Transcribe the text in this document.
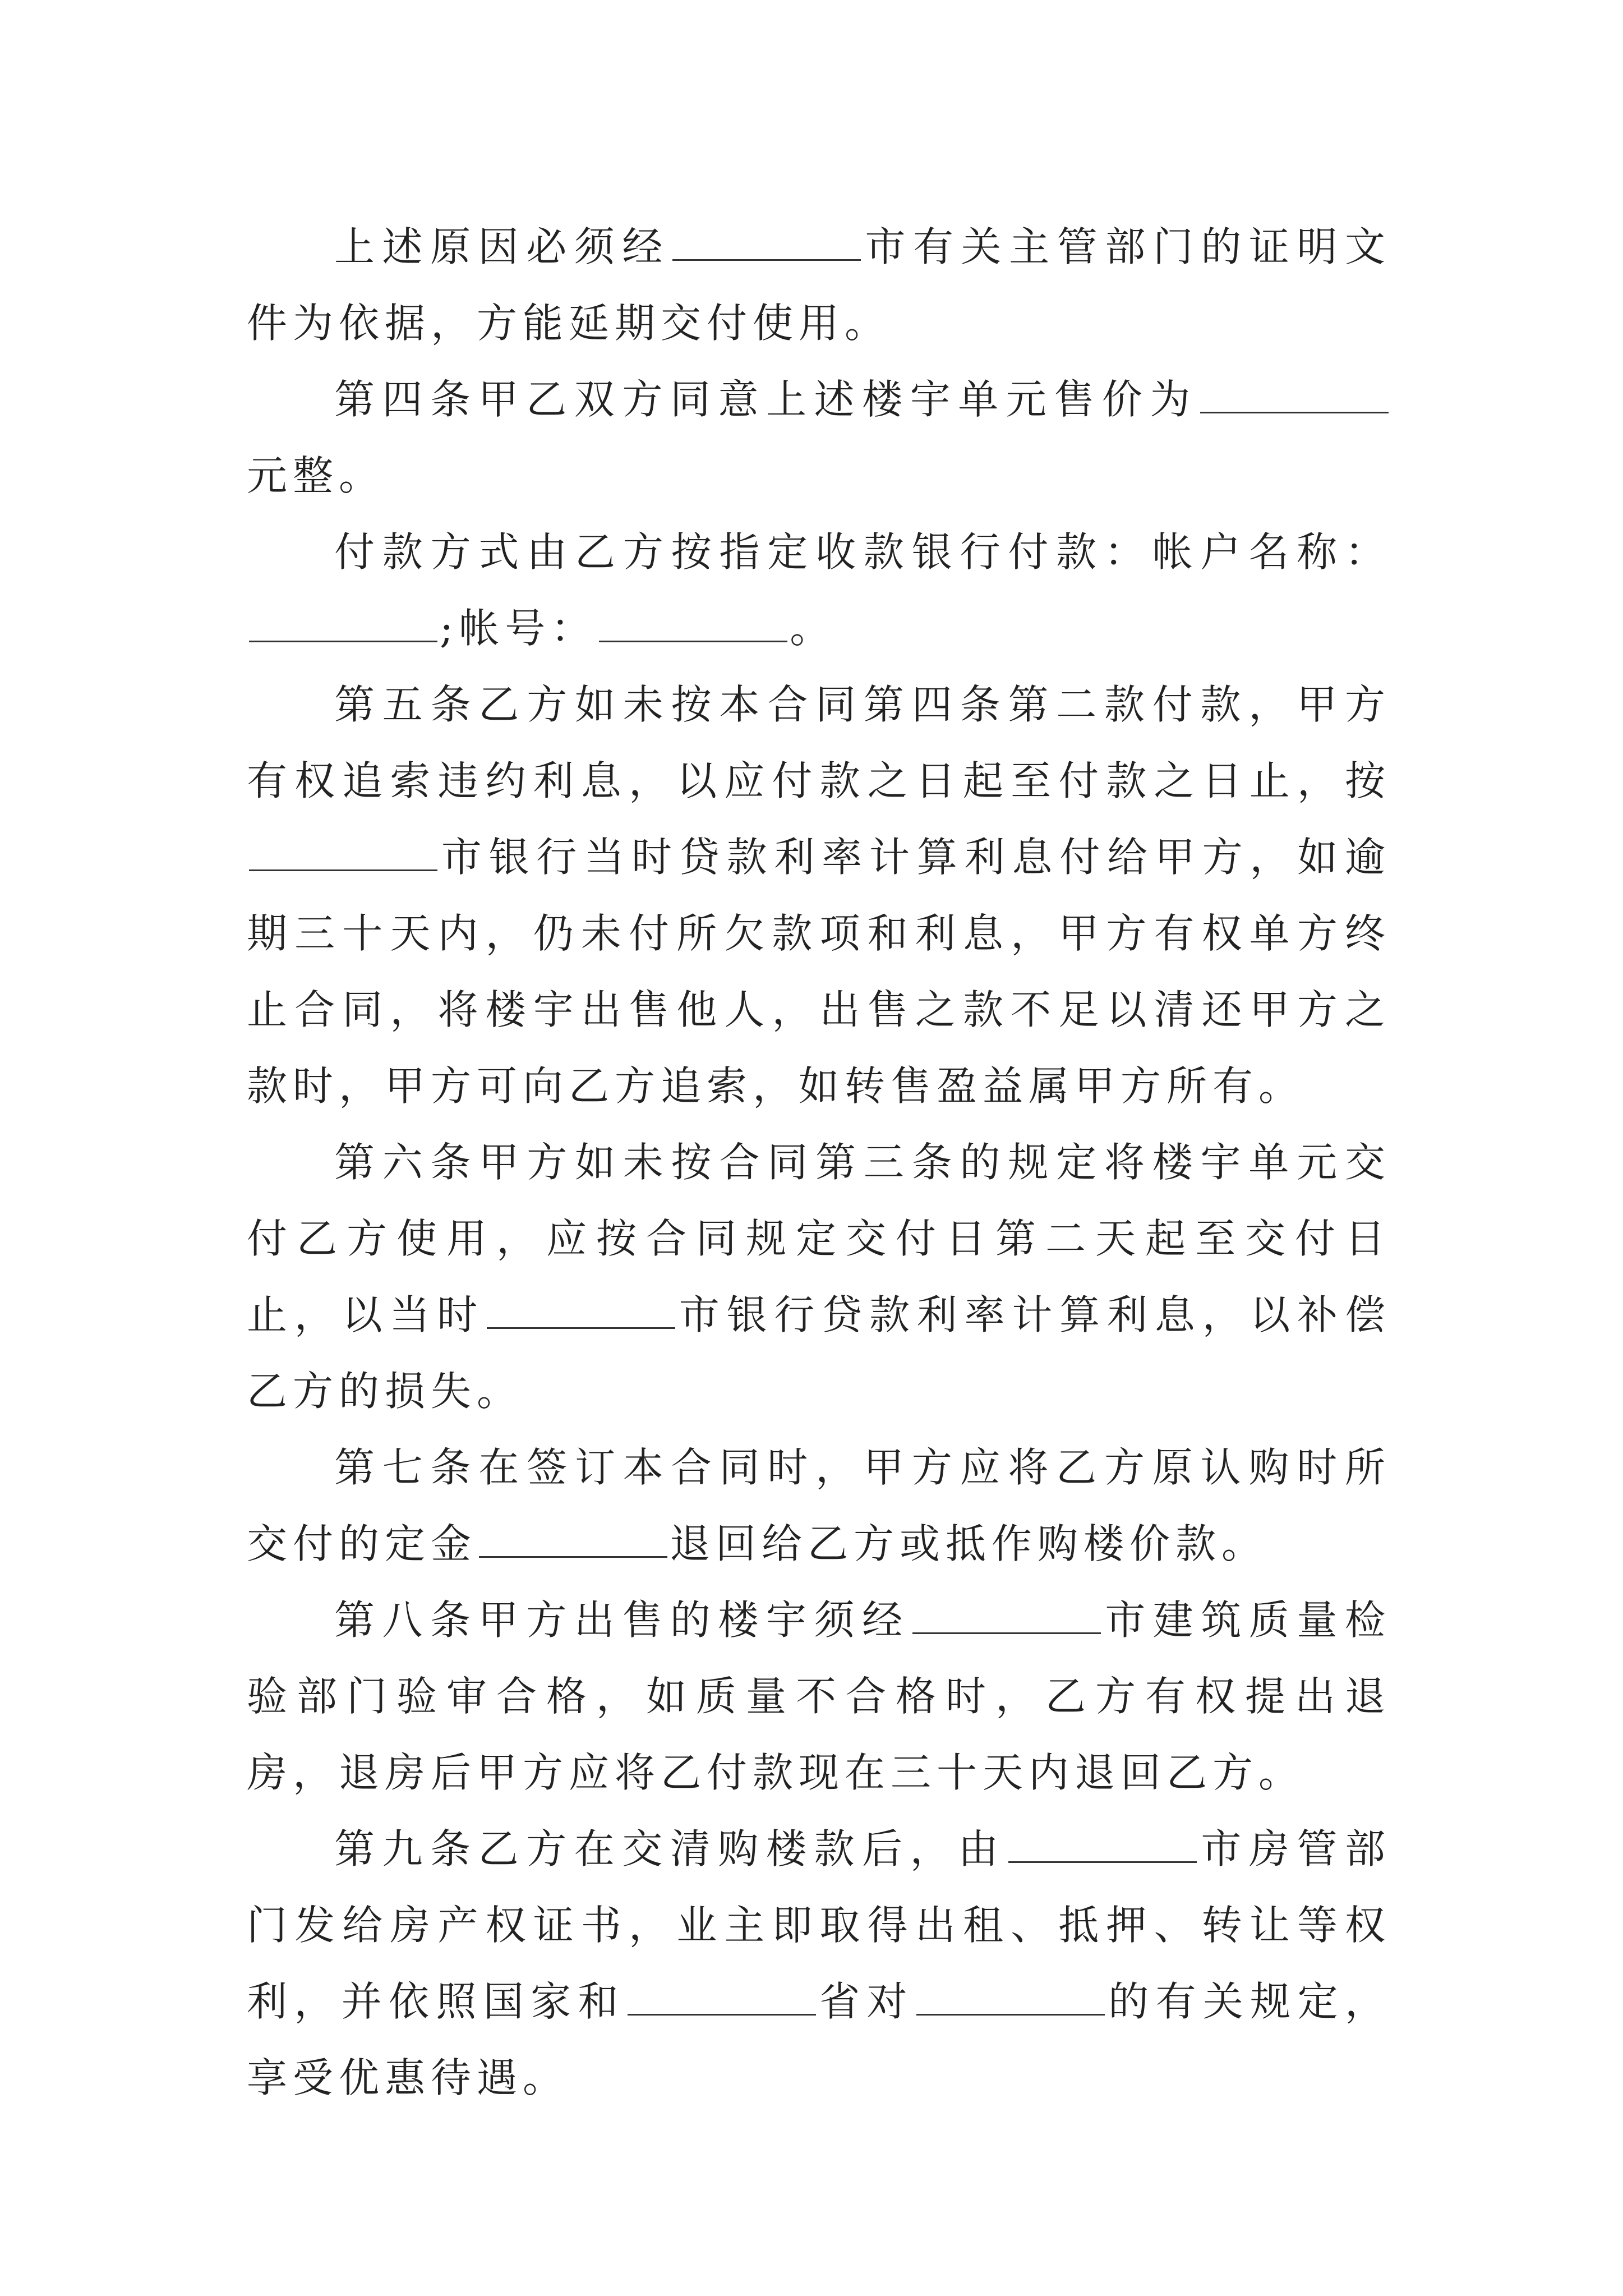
上述原因必须经	市有关主管部门的证明文件为依据，方能延期交付使用。

第四条甲乙双方同意上述楼宇单元售价为元整。

付款方式由乙方按指定收款银行付款：帐户名称：;帐号：	。

第五条乙方如未按本合同第四条第二款付款，甲方有权追索违约利息，以应付款之日起至付款之日止，按市银行当时贷款利率计算利息付给甲方，如逾期三十天内，仍未付所欠款项和利息，甲方有权单方终止合同，将楼宇出售他人，出售之款不足以清还甲方之款时，甲方可向乙方追索，如转售盈益属甲方所有。

第六条甲方如未按合同第三条的规定将楼宇单元交付乙方使用，应按合同规定交付日第二天起至交付日止，以当时	市银行贷款利率计算利息，以补偿乙方的损失。

第七条在签订本合同时，甲方应将乙方原认购时所交付的定金	退回给乙方或抵作购楼价款。

第八条甲方出售的楼宇须经	市建筑质量检验部门验审合格，如质量不合格时，乙方有权提出退房，退房后甲方应将乙付款现在三十天内退回乙方。

第九条乙方在交清购楼款后，由	市房管部门发给房产权证书，业主即取得出租、抵押、转让等权利，并依照国家和	省对	的有关规定，享受优惠待遇。
